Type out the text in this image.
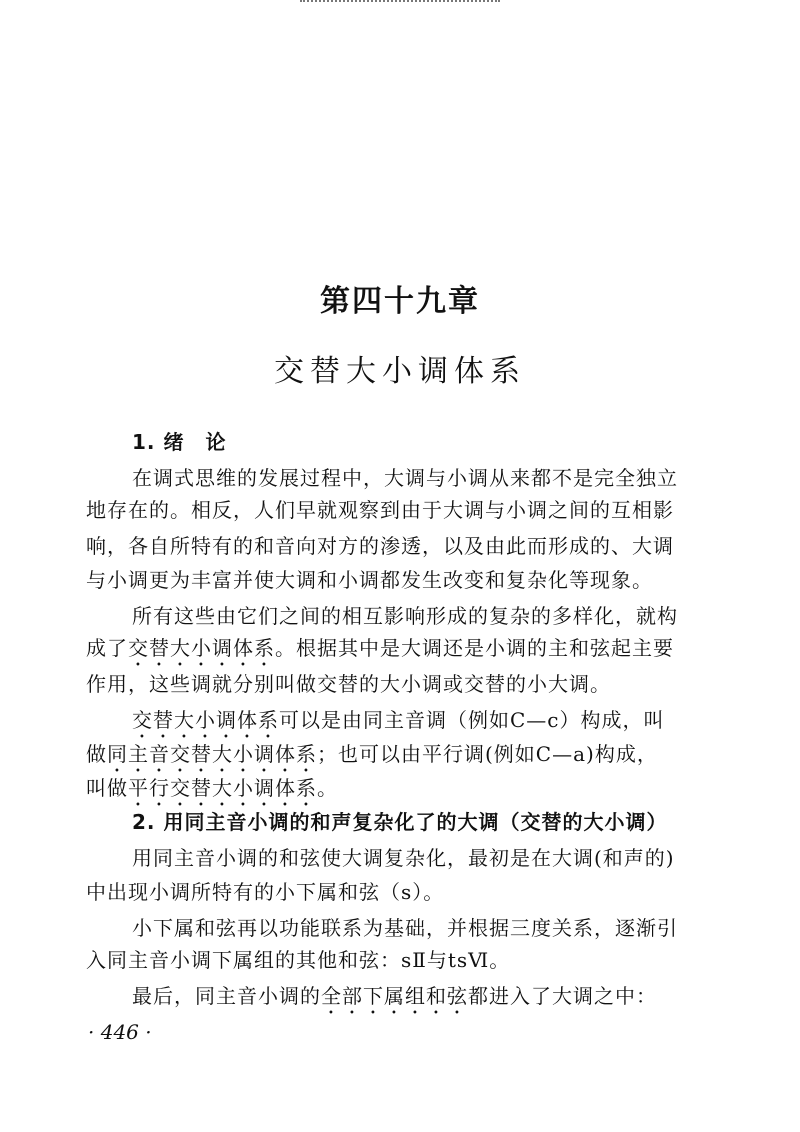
第四十九章
交替大小调体系
1. 绪　论
在调式思维的发展过程中，大调与小调从来都不是完全独立
地存在的。相反，人们早就观察到由于大调与小调之间的互相影
响，各自所特有的和音向对方的渗透，以及由此而形成的、大调
与小调更为丰富并使大调和小调都发生改变和复杂化等现象。
所有这些由它们之间的相互影响形成的复杂的多样化，就构
成了交替大小调体系。根据其中是大调还是小调的主和弦起主要
作用，这些调就分别叫做交替的大小调或交替的小大调。
交替大小调体系可以是由同主音调（例如C—c）构成，叫
做同主音交替大小调体系；也可以由平行调(例如C—a)构成，
叫做平行交替大小调体系。
2. 用同主音小调的和声复杂化了的大调（交替的大小调）
用同主音小调的和弦使大调复杂化，最初是在大调(和声的)
中出现小调所特有的小下属和弦（s）。
小下属和弦再以功能联系为基础，并根据三度关系，逐渐引
入同主音小调下属组的其他和弦：sⅡ与tsⅥ。
最后，同主音小调的全部下属组和弦都进入了大调之中：
· 446 ·
